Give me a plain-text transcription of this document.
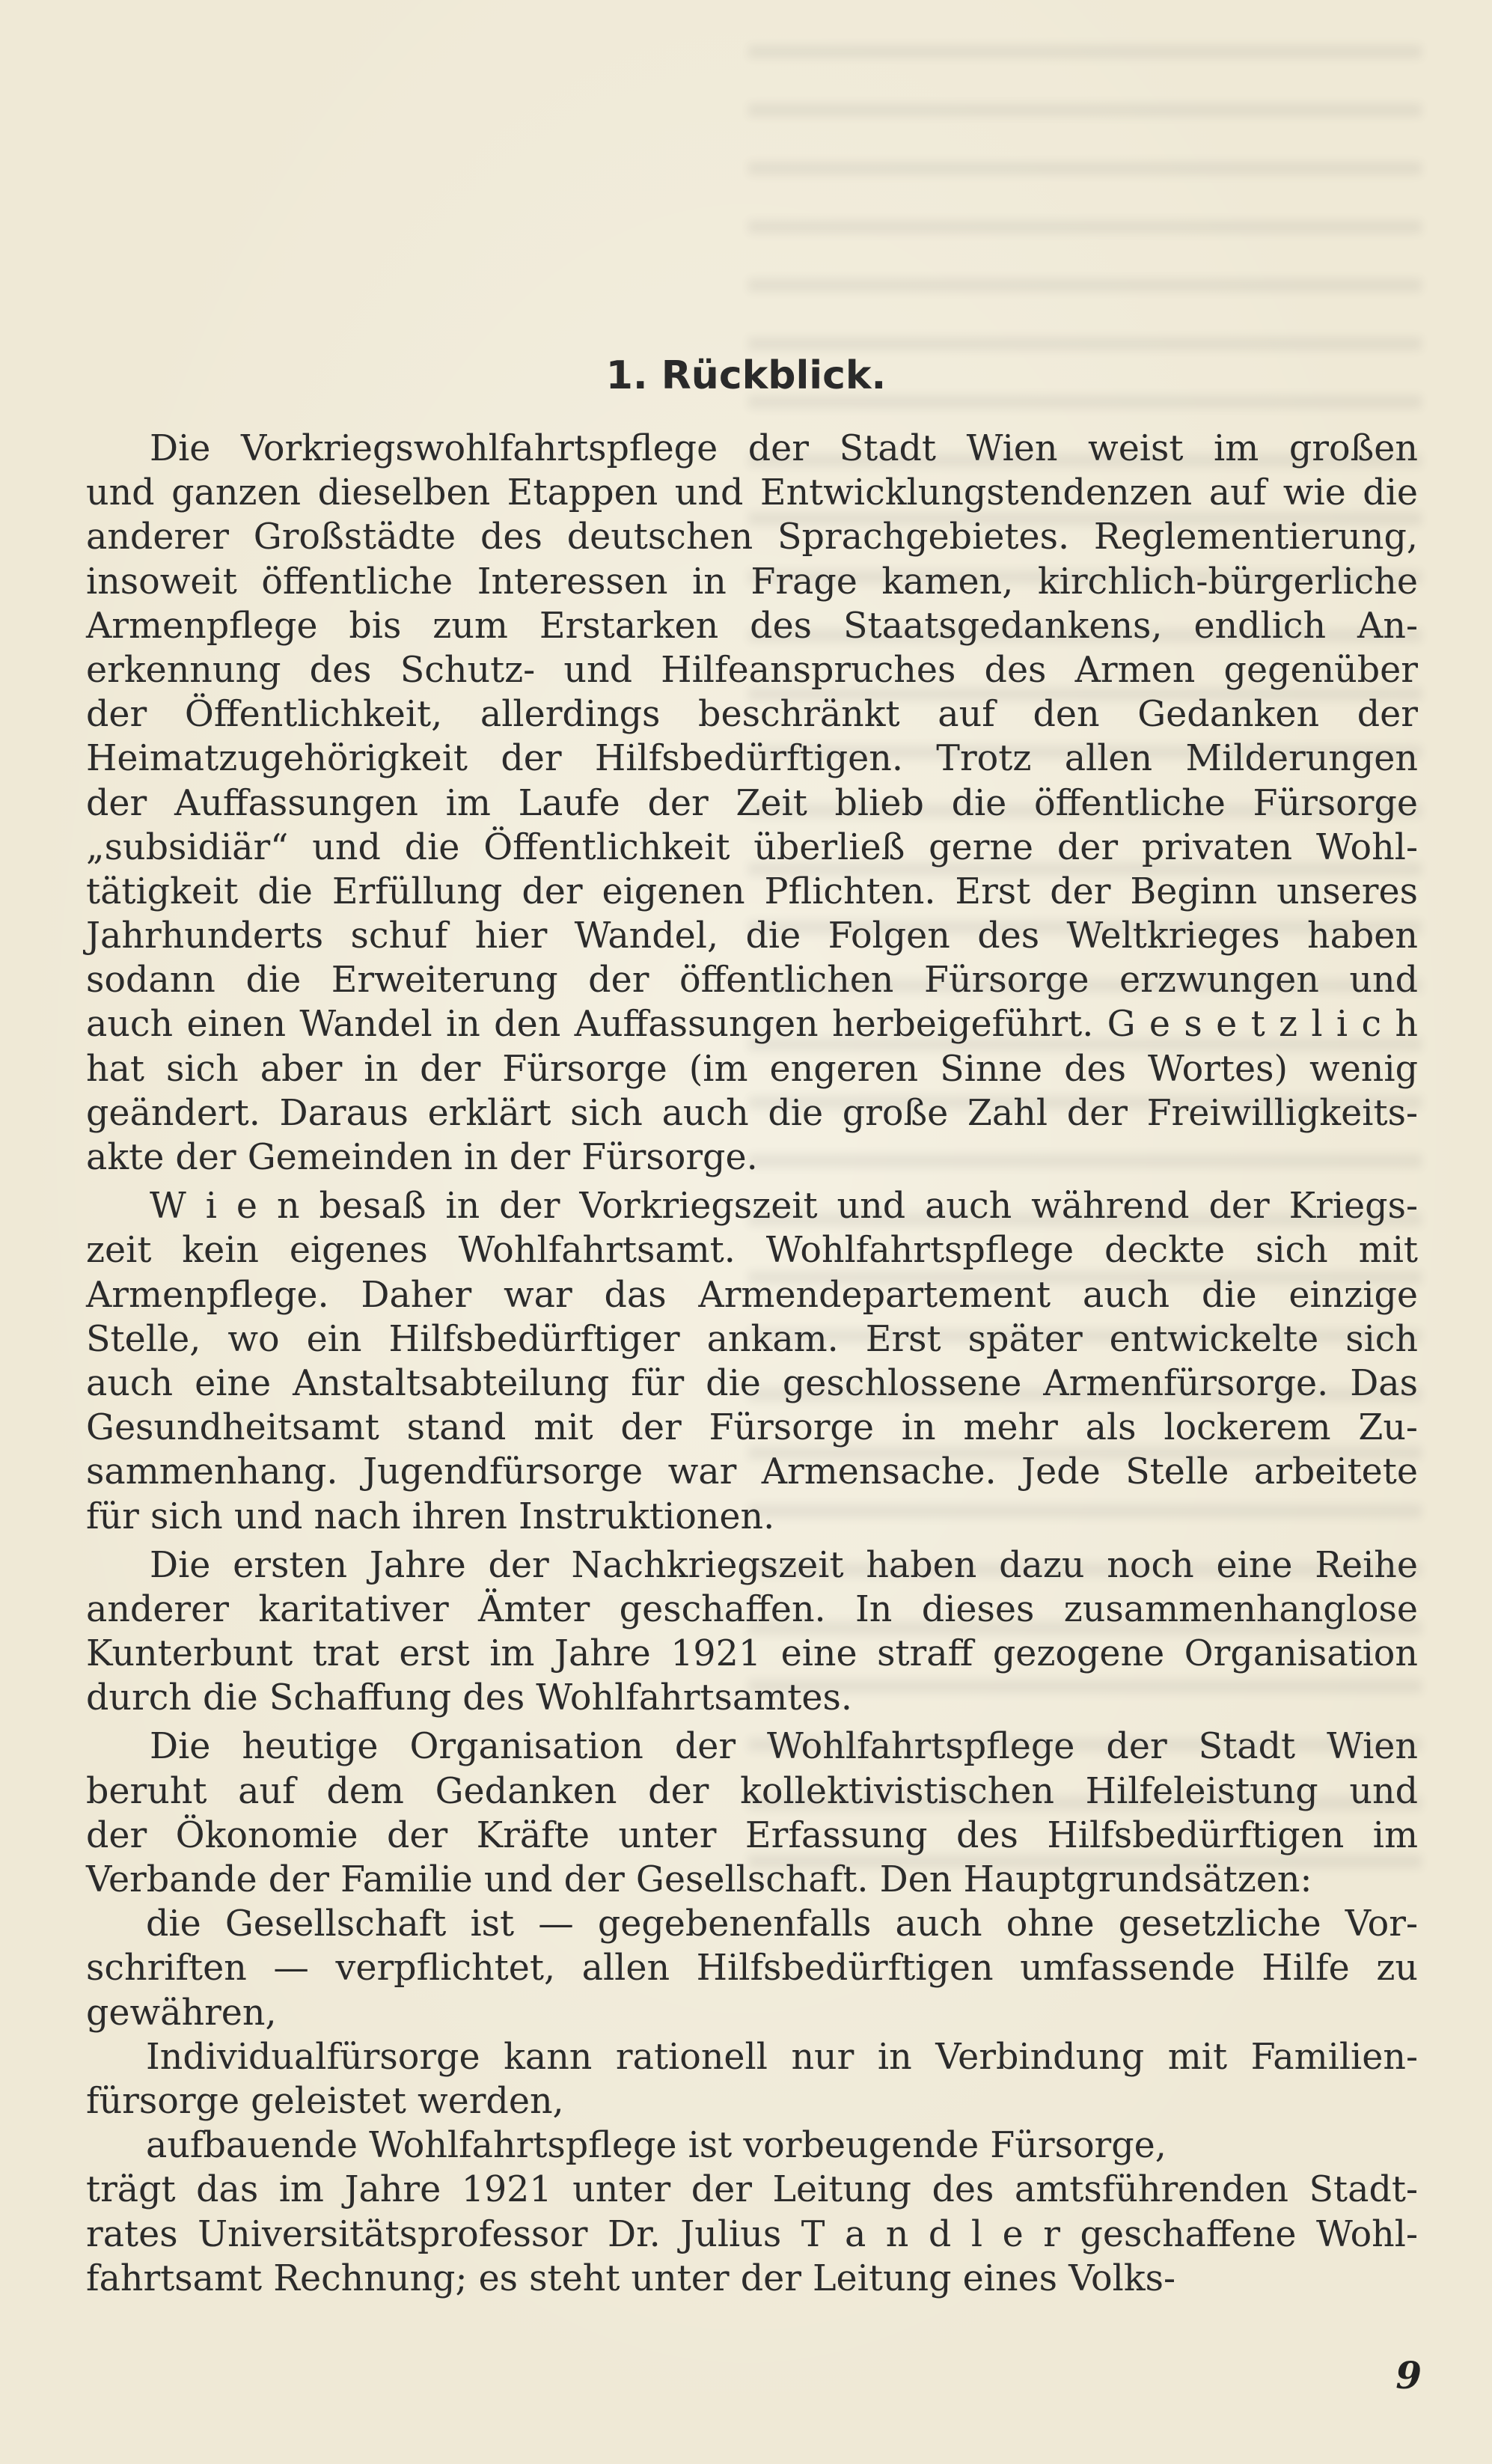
1. Rückblick.
Die Vorkriegswohlfahrtspflege der Stadt Wien weist im großen
und ganzen dieselben Etappen und Entwicklungstendenzen auf wie die
anderer Großstädte des deutschen Sprachgebietes. Reglementierung,
insoweit öffentliche Interessen in Frage kamen, kirchlich-bürgerliche
Armenpflege bis zum Erstarken des Staatsgedankens, endlich An-
erkennung des Schutz- und Hilfeanspruches des Armen gegenüber
der Öffentlichkeit, allerdings beschränkt auf den Gedanken der
Heimatzugehörigkeit der Hilfsbedürftigen. Trotz allen Milderungen
der Auffassungen im Laufe der Zeit blieb die öffentliche Fürsorge
„subsidiär“ und die Öffentlichkeit überließ gerne der privaten Wohl-
tätigkeit die Erfüllung der eigenen Pflichten. Erst der Beginn unseres
Jahrhunderts schuf hier Wandel, die Folgen des Weltkrieges haben
sodann die Erweiterung der öffentlichen Fürsorge erzwungen und
auch einen Wandel in den Auffassungen herbeigeführt. G e s e t z l i c h
hat sich aber in der Fürsorge (im engeren Sinne des Wortes) wenig
geändert. Daraus erklärt sich auch die große Zahl der Freiwilligkeits-
akte der Gemeinden in der Fürsorge.
W i e n besaß in der Vorkriegszeit und auch während der Kriegs-
zeit kein eigenes Wohlfahrtsamt. Wohlfahrtspflege deckte sich mit
Armenpflege. Daher war das Armendepartement auch die einzige
Stelle, wo ein Hilfsbedürftiger ankam. Erst später entwickelte sich
auch eine Anstaltsabteilung für die geschlossene Armenfürsorge. Das
Gesundheitsamt stand mit der Fürsorge in mehr als lockerem Zu-
sammenhang. Jugendfürsorge war Armensache. Jede Stelle arbeitete
für sich und nach ihren Instruktionen.
Die ersten Jahre der Nachkriegszeit haben dazu noch eine Reihe
anderer karitativer Ämter geschaffen. In dieses zusammenhanglose
Kunterbunt trat erst im Jahre 1921 eine straff gezogene Organisation
durch die Schaffung des Wohlfahrtsamtes.
Die heutige Organisation der Wohlfahrtspflege der Stadt Wien
beruht auf dem Gedanken der kollektivistischen Hilfeleistung und
der Ökonomie der Kräfte unter Erfassung des Hilfsbedürftigen im
Verbande der Familie und der Gesellschaft. Den Hauptgrundsätzen:
die Gesellschaft ist — gegebenenfalls auch ohne gesetzliche Vor-
schriften — verpflichtet, allen Hilfsbedürftigen umfassende Hilfe zu
gewähren,
Individualfürsorge kann rationell nur in Verbindung mit Familien-
fürsorge geleistet werden,
aufbauende Wohlfahrtspflege ist vorbeugende Fürsorge,
trägt das im Jahre 1921 unter der Leitung des amtsführenden Stadt-
rates Universitätsprofessor Dr. Julius T a n d l e r geschaffene Wohl-
fahrtsamt Rechnung; es steht unter der Leitung eines Volks-
9
